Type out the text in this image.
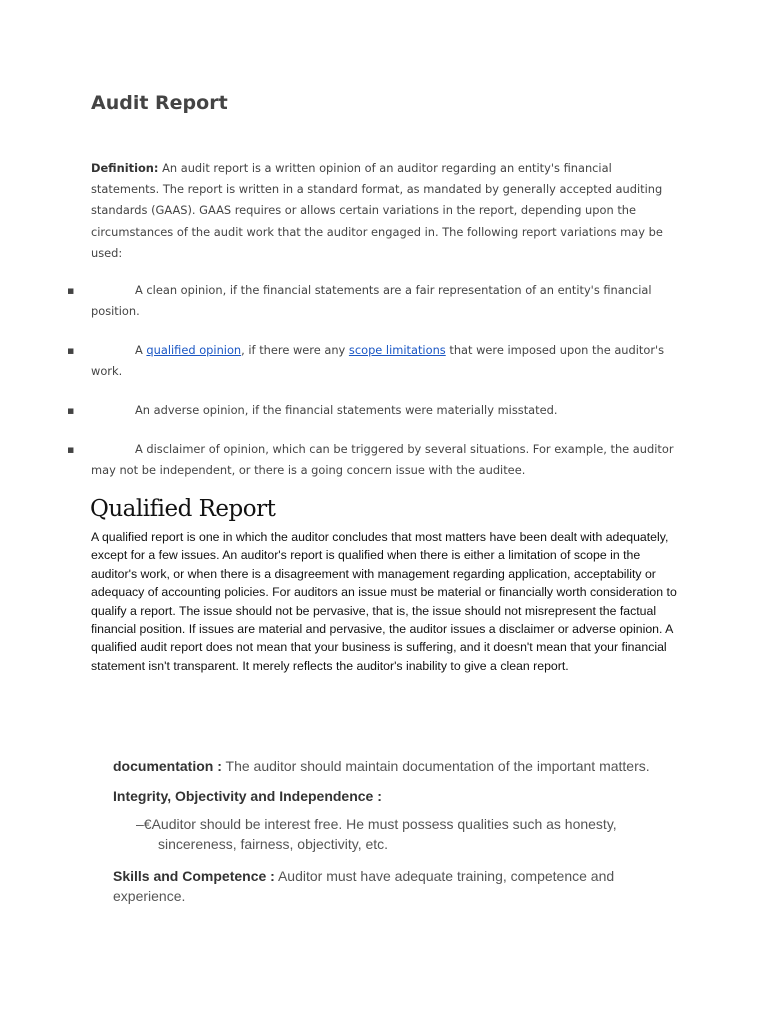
Audit Report

Definition: An audit report is a written opinion of an auditor regarding an entity's financial statements. The report is written in a standard format, as mandated by generally accepted auditing standards (GAAS). GAAS requires or allows certain variations in the report, depending upon the circumstances of the audit work that the auditor engaged in. The following report variations may be used:

▪	A clean opinion, if the financial statements are a fair representation of an entity's financial position.
▪	A qualified opinion, if there were any scope limitations that were imposed upon the auditor's work.
▪	An adverse opinion, if the financial statements were materially misstated.
▪	A disclaimer of opinion, which can be triggered by several situations. For example, the auditor may not be independent, or there is a going concern issue with the auditee.
Qualified Report

A qualified report is one in which the auditor concludes that most matters have been dealt with adequately, except for a few issues. An auditor's report is qualified when there is either a limitation of scope in the auditor's work, or when there is a disagreement with management regarding application, acceptability or adequacy of accounting policies. For auditors an issue must be material or financially worth consideration to qualify a report. The issue should not be pervasive, that is, the issue should not misrepresent the factual financial position. If issues are material and pervasive, the auditor issues a disclaimer or adverse opinion. A qualified audit report does not mean that your business is suffering, and it doesn't mean that your financial statement isn't transparent. It merely reflects the auditor's inability to give a clean report.

documentation : The auditor should maintain documentation of the important matters.

Integrity, Objectivity and Independence :

–€Auditor should be interest free. He must possess qualities such as honesty,
sincereness, fairness, objectivity, etc.

Skills and Competence : Auditor must have adequate training, competence and experience.
